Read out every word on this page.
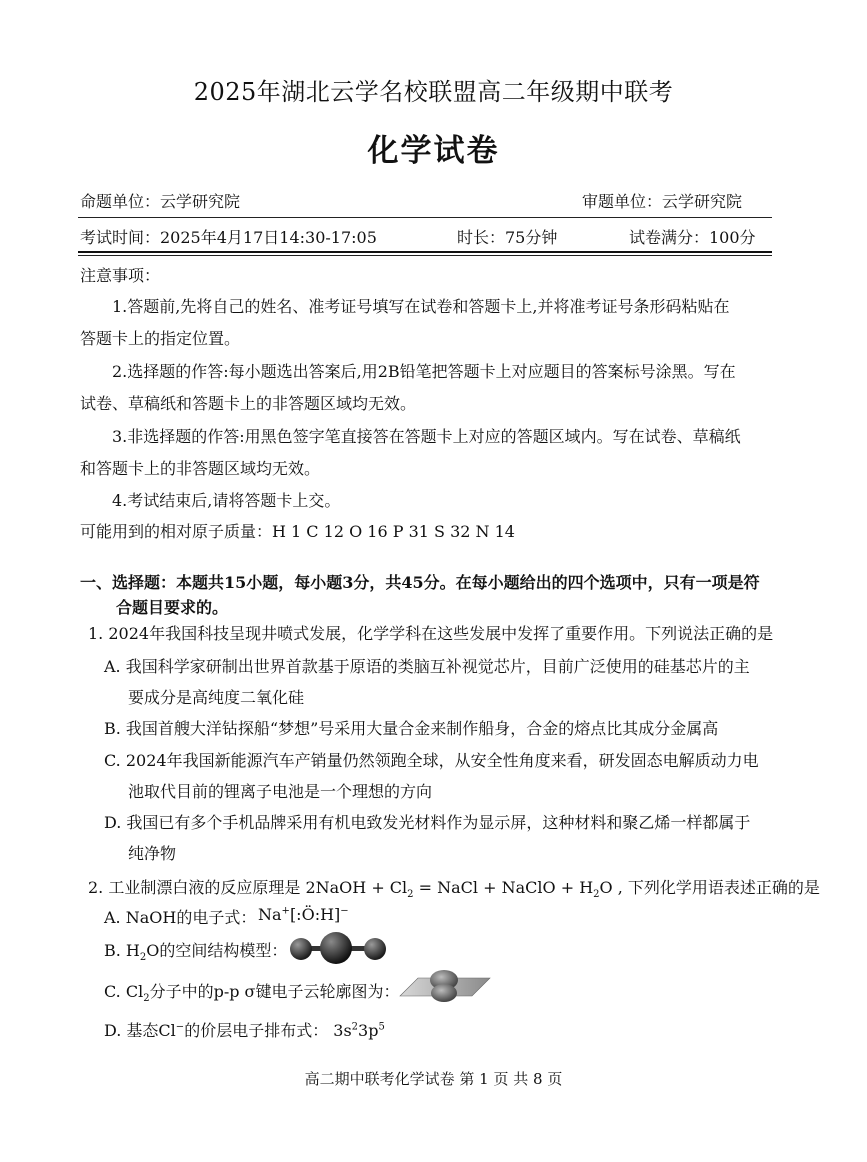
2025年湖北云学名校联盟高二年级期中联考
化学试卷
命题单位：云学研究院	审题单位：云学研究院
考试时间：2025年4月17日14:30-17:05	时长：75分钟	试卷满分：100分
注意事项：
1.答题前,先将自己的姓名、准考证号填写在试卷和答题卡上,并将准考证号条形码粘贴在
答题卡上的指定位置。
2.选择题的作答:每小题选出答案后,用2B铅笔把答题卡上对应题目的答案标号涂黑。写在
试卷、草稿纸和答题卡上的非答题区域均无效。
3.非选择题的作答:用黑色签字笔直接答在答题卡上对应的答题区域内。写在试卷、草稿纸
和答题卡上的非答题区域均无效。
4.考试结束后,请将答题卡上交。
可能用到的相对原子质量：H 1 C 12 O 16 P 31 S 32 N 14
一、选择题：本题共15小题，每小题3分，共45分。在每小题给出的四个选项中，只有一项是符
合题目要求的。
1. 2024年我国科技呈现井喷式发展，化学学科在这些发展中发挥了重要作用。下列说法正确的是
A. 我国科学家研制出世界首款基于原语的类脑互补视觉芯片，目前广泛使用的硅基芯片的主
要成分是高纯度二氧化硅
B. 我国首艘大洋钻探船“梦想”号采用大量合金来制作船身，合金的熔点比其成分金属高
C. 2024年我国新能源汽车产销量仍然领跑全球，从安全性角度来看，研发固态电解质动力电
池取代目前的锂离子电池是一个理想的方向
D. 我国已有多个手机品牌采用有机电致发光材料作为显示屏，这种材料和聚乙烯一样都属于
纯净物
2. 工业制漂白液的反应原理是 2NaOH + $Cl_2$ = NaCl + NaClO + $H_2O$ , 下列化学用语表述正确的是
A. NaOH的电子式： Na+[:Ö:H]−
B. $H_2O$的空间结构模型：
C. $Cl_2$分子中的p-p σ键电子云轮廓图为：
D. 基态Cl−的价层电子排布式： $3s^23p^5$
高二期中联考化学试卷 第 1 页 共 8 页
